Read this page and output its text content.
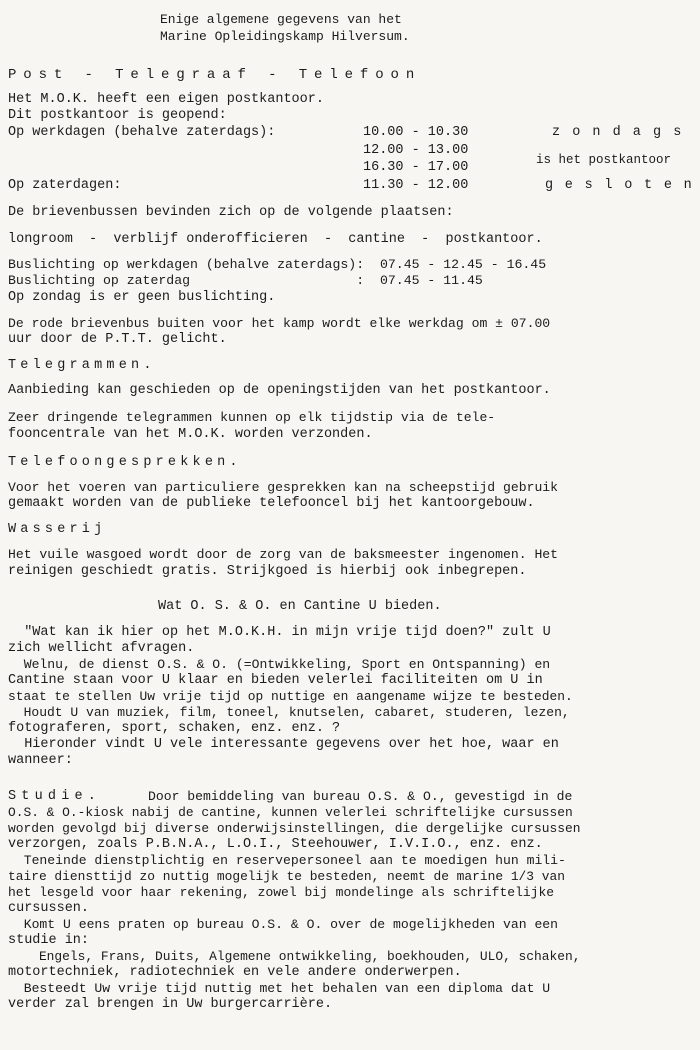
Enige algemene gegevens van het
Marine Opleidingskamp Hilversum.
Post - Telegraaf - Telefoon
Het M.O.K. heeft een eigen postkantoor.
Dit postkantoor is geopend:
Op werkdagen (behalve zaterdags):	10.00 - 10.30
12.00 - 13.00
16.30 - 17.00
Op zaterdagen:	11.30 - 12.00
z o n d a g s
is het postkantoor
g e s l o t e n
De brievenbussen bevinden zich op de volgende plaatsen:
longroom  -  verblijf onderofficieren  -  cantine  -  postkantoor.
Buslichting op werkdagen (behalve zaterdags):  07.45 - 12.45 - 16.45
Buslichting op zaterdag                     :  07.45 - 11.45
Op zondag is er geen buslichting.
De rode brievenbus buiten voor het kamp wordt elke werkdag om ± 07.00
uur door de P.T.T. gelicht.
Telegrammen.
Aanbieding kan geschieden op de openingstijden van het postkantoor.
Zeer dringende telegrammen kunnen op elk tijdstip via de tele-
fooncentrale van het M.O.K. worden verzonden.
Telefoongesprekken.
Voor het voeren van particuliere gesprekken kan na scheepstijd gebruik
gemaakt worden van de publieke telefooncel bij het kantoorgebouw.
Wasserij
Het vuile wasgoed wordt door de zorg van de baksmeester ingenomen. Het
reinigen geschiedt gratis. Strijkgoed is hierbij ook inbegrepen.
Wat O. S. & O. en Cantine U bieden.
"Wat kan ik hier op het M.O.K.H. in mijn vrije tijd doen?" zult U
zich wellicht afvragen.
Welnu, de dienst O.S. & O. (=Ontwikkeling, Sport en Ontspanning) en
Cantine staan voor U klaar en bieden velerlei faciliteiten om U in
staat te stellen Uw vrije tijd op nuttige en aangename wijze te besteden.
Houdt U van muziek, film, toneel, knutselen, cabaret, studeren, lezen,
fotograferen, sport, schaken, enz. enz. ?
Hieronder vindt U vele interessante gegevens over het hoe, waar en
wanneer:
Studie.	Door bemiddeling van bureau O.S. & O., gevestigd in de
O.S. & O.-kiosk nabij de cantine, kunnen velerlei schriftelijke cursussen
worden gevolgd bij diverse onderwijsinstellingen, die dergelijke cursussen
verzorgen, zoals P.B.N.A., L.O.I., Steehouwer, I.V.I.O., enz. enz.
Teneinde dienstplichtig en reservepersoneel aan te moedigen hun mili-
taire diensttijd zo nuttig mogelijk te besteden, neemt de marine 1/3 van
het lesgeld voor haar rekening, zowel bij mondelinge als schriftelijke
cursussen.
Komt U eens praten op bureau O.S. & O. over de mogelijkheden van een
studie in:
Engels, Frans, Duits, Algemene ontwikkeling, boekhouden, ULO, schaken,
motortechniek, radiotechniek en vele andere onderwerpen.
Besteedt Uw vrije tijd nuttig met het behalen van een diploma dat U
verder zal brengen in Uw burgercarrière.
